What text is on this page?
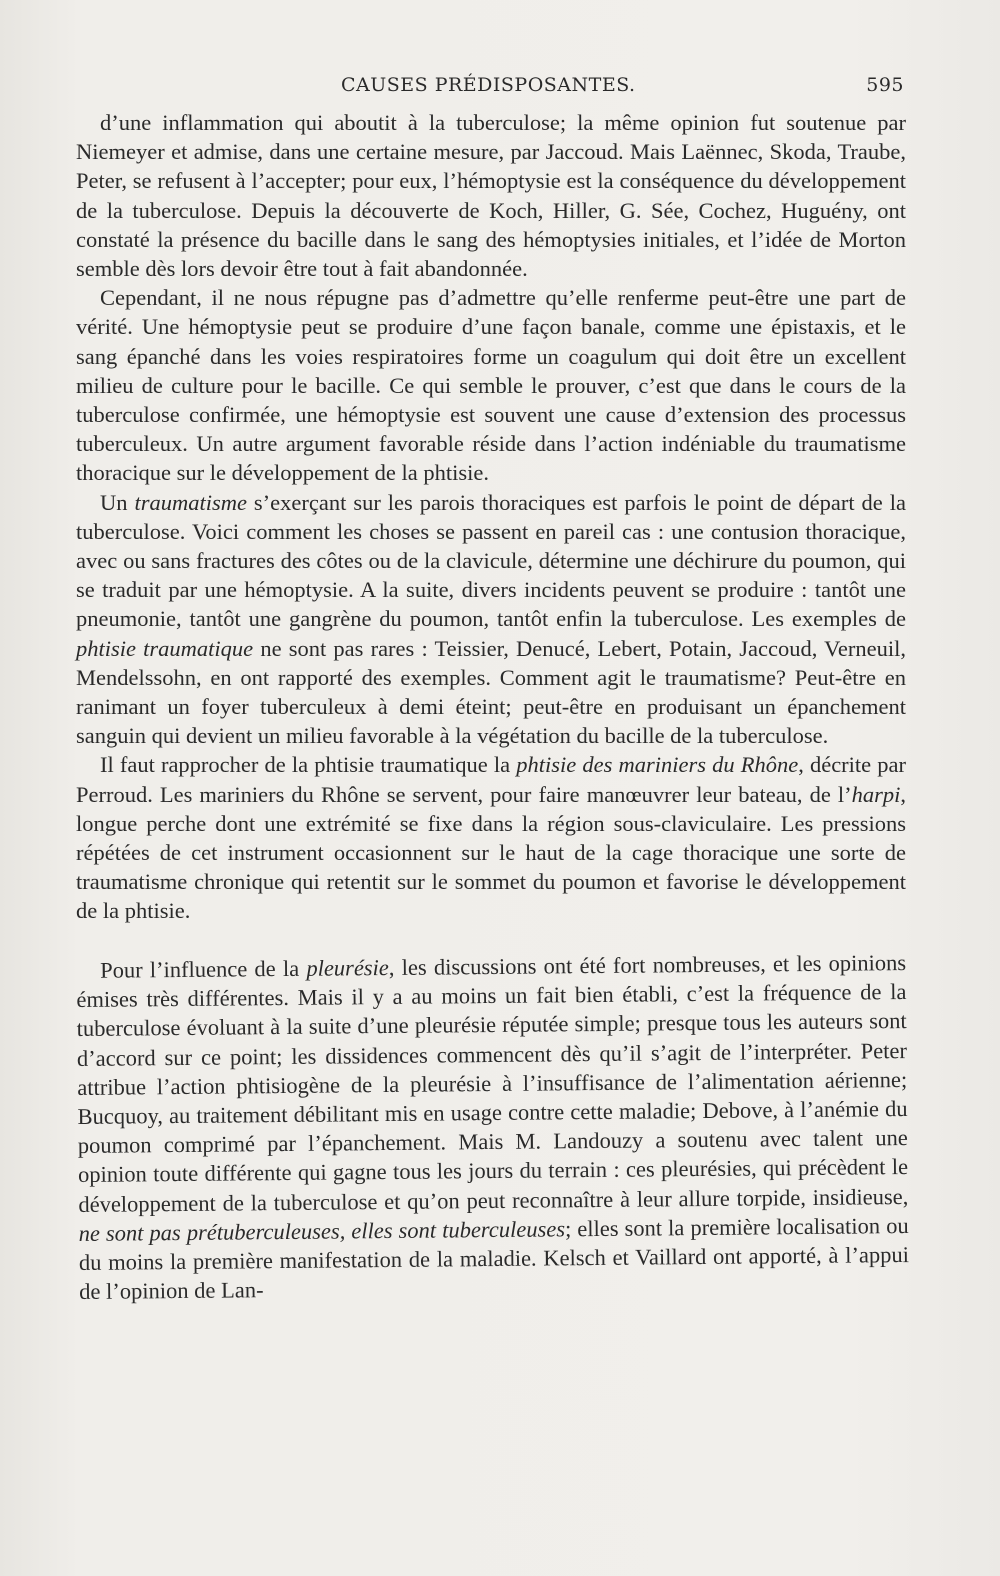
CAUSES PRÉDISPOSANTES.	595

d’une inflammation qui aboutit à la tuberculose; la même opinion fut soutenue par Niemeyer et admise, dans une certaine mesure, par Jaccoud. Mais Laënnec, Skoda, Traube, Peter, se refusent à l’accepter; pour eux, l’hémoptysie est la conséquence du développement de la tuberculose. Depuis la découverte de Koch, Hiller, G. Sée, Cochez, Huguény, ont constaté la présence du bacille dans le sang des hémoptysies initiales, et l’idée de Morton semble dès lors devoir être tout à fait abandonnée.

Cependant, il ne nous répugne pas d’admettre qu’elle renferme peut-être une part de vérité. Une hémoptysie peut se produire d’une façon banale, comme une épistaxis, et le sang épanché dans les voies respiratoires forme un coagulum qui doit être un excellent milieu de culture pour le bacille. Ce qui semble le prouver, c’est que dans le cours de la tuberculose confirmée, une hémoptysie est souvent une cause d’extension des processus tuberculeux. Un autre argument favorable réside dans l’action indéniable du traumatisme thoracique sur le développement de la phtisie.

Un traumatisme s’exerçant sur les parois thoraciques est parfois le point de départ de la tuberculose. Voici comment les choses se passent en pareil cas : une contusion thoracique, avec ou sans fractures des côtes ou de la clavicule, détermine une déchirure du poumon, qui se traduit par une hémoptysie. A la suite, divers incidents peuvent se produire : tantôt une pneumonie, tantôt une gangrène du poumon, tantôt enfin la tuberculose. Les exemples de phtisie traumatique ne sont pas rares : Teissier, Denucé, Lebert, Potain, Jaccoud, Verneuil, Mendelssohn, en ont rapporté des exemples. Comment agit le traumatisme? Peut-être en ranimant un foyer tuberculeux à demi éteint; peut-être en produisant un épanchement sanguin qui devient un milieu favorable à la végétation du bacille de la tuberculose.

Il faut rapprocher de la phtisie traumatique la phtisie des mariniers du Rhône, décrite par Perroud. Les mariniers du Rhône se servent, pour faire manœuvrer leur bateau, de l’harpi, longue perche dont une extrémité se fixe dans la région sous-claviculaire. Les pressions répétées de cet instrument occasionnent sur le haut de la cage thoracique une sorte de traumatisme chronique qui retentit sur le sommet du poumon et favorise le développement de la phtisie.

Pour l’influence de la pleurésie, les discussions ont été fort nombreuses, et les opinions émises très différentes. Mais il y a au moins un fait bien établi, c’est la fréquence de la tuberculose évoluant à la suite d’une pleurésie réputée simple; presque tous les auteurs sont d’accord sur ce point; les dissidences commencent dès qu’il s’agit de l’interpréter. Peter attribue l’action phtisiogène de la pleurésie à l’insuffisance de l’alimentation aérienne; Bucquoy, au traitement débilitant mis en usage contre cette maladie; Debove, à l’anémie du poumon comprimé par l’épanchement. Mais M. Landouzy a soutenu avec talent une opinion toute différente qui gagne tous les jours du terrain : ces pleurésies, qui précèdent le développement de la tuberculose et qu’on peut reconnaître à leur allure torpide, insidieuse, ne sont pas prétuberculeuses, elles sont tuberculeuses; elles sont la première localisation ou du moins la première manifestation de la maladie. Kelsch et Vaillard ont apporté, à l’appui de l’opinion de Lan-
